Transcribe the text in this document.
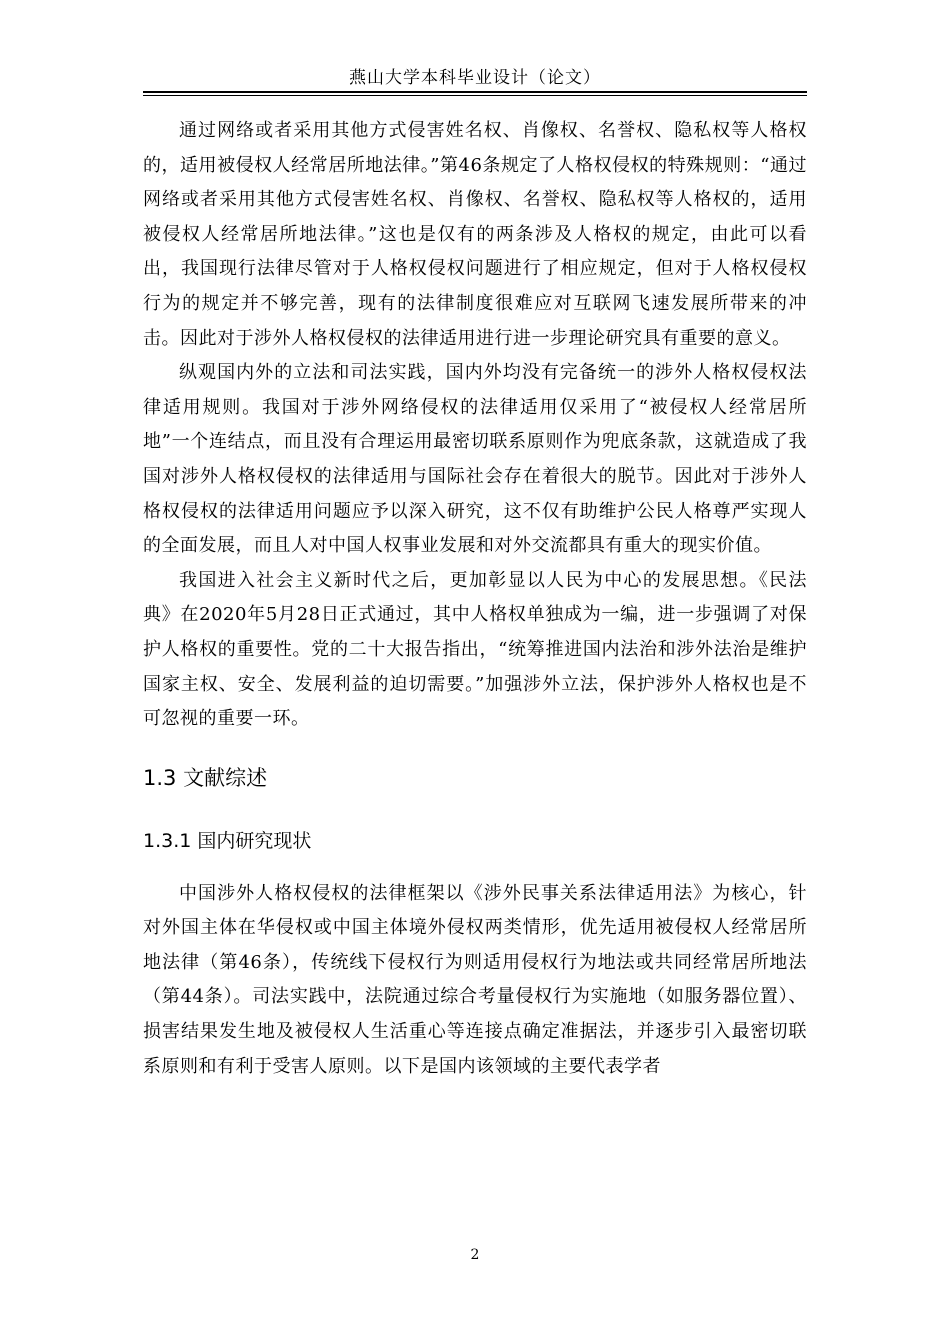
燕山大学本科毕业设计（论文）

通过网络或者采用其他方式侵害姓名权、肖像权、名誉权、隐私权等人格权的，适用被侵权人经常居所地法律。”第46条规定了人格权侵权的特殊规则：“通过网络或者采用其他方式侵害姓名权、肖像权、名誉权、隐私权等人格权的，适用被侵权人经常居所地法律。”这也是仅有的两条涉及人格权的规定，由此可以看出，我国现行法律尽管对于人格权侵权问题进行了相应规定，但对于人格权侵权行为的规定并不够完善，现有的法律制度很难应对互联网飞速发展所带来的冲击。因此对于涉外人格权侵权的法律适用进行进一步理论研究具有重要的意义。

纵观国内外的立法和司法实践，国内外均没有完备统一的涉外人格权侵权法律适用规则。我国对于涉外网络侵权的法律适用仅采用了“被侵权人经常居所地”一个连结点，而且没有合理运用最密切联系原则作为兜底条款，这就造成了我国对涉外人格权侵权的法律适用与国际社会存在着很大的脱节。因此对于涉外人格权侵权的法律适用问题应予以深入研究，这不仅有助维护公民人格尊严实现人的全面发展，而且人对中国人权事业发展和对外交流都具有重大的现实价值。

我国进入社会主义新时代之后，更加彰显以人民为中心的发展思想。《民法典》在2020年5月28日正式通过，其中人格权单独成为一编，进一步强调了对保护人格权的重要性。党的二十大报告指出，“统筹推进国内法治和涉外法治是维护国家主权、安全、发展利益的迫切需要。”加强涉外立法，保护涉外人格权也是不可忽视的重要一环。

1.3 文献综述
1.3.1 国内研究现状

中国涉外人格权侵权的法律框架以《涉外民事关系法律适用法》为核心，针对外国主体在华侵权或中国主体境外侵权两类情形，优先适用被侵权人经常居所地法律（第46条），传统线下侵权行为则适用侵权行为地法或共同经常居所地法（第44条）。司法实践中，法院通过综合考量侵权行为实施地（如服务器位置）、损害结果发生地及被侵权人生活重心等连接点确定准据法，并逐步引入最密切联系原则和有利于受害人原则。以下是国内该领域的主要代表学者

2
